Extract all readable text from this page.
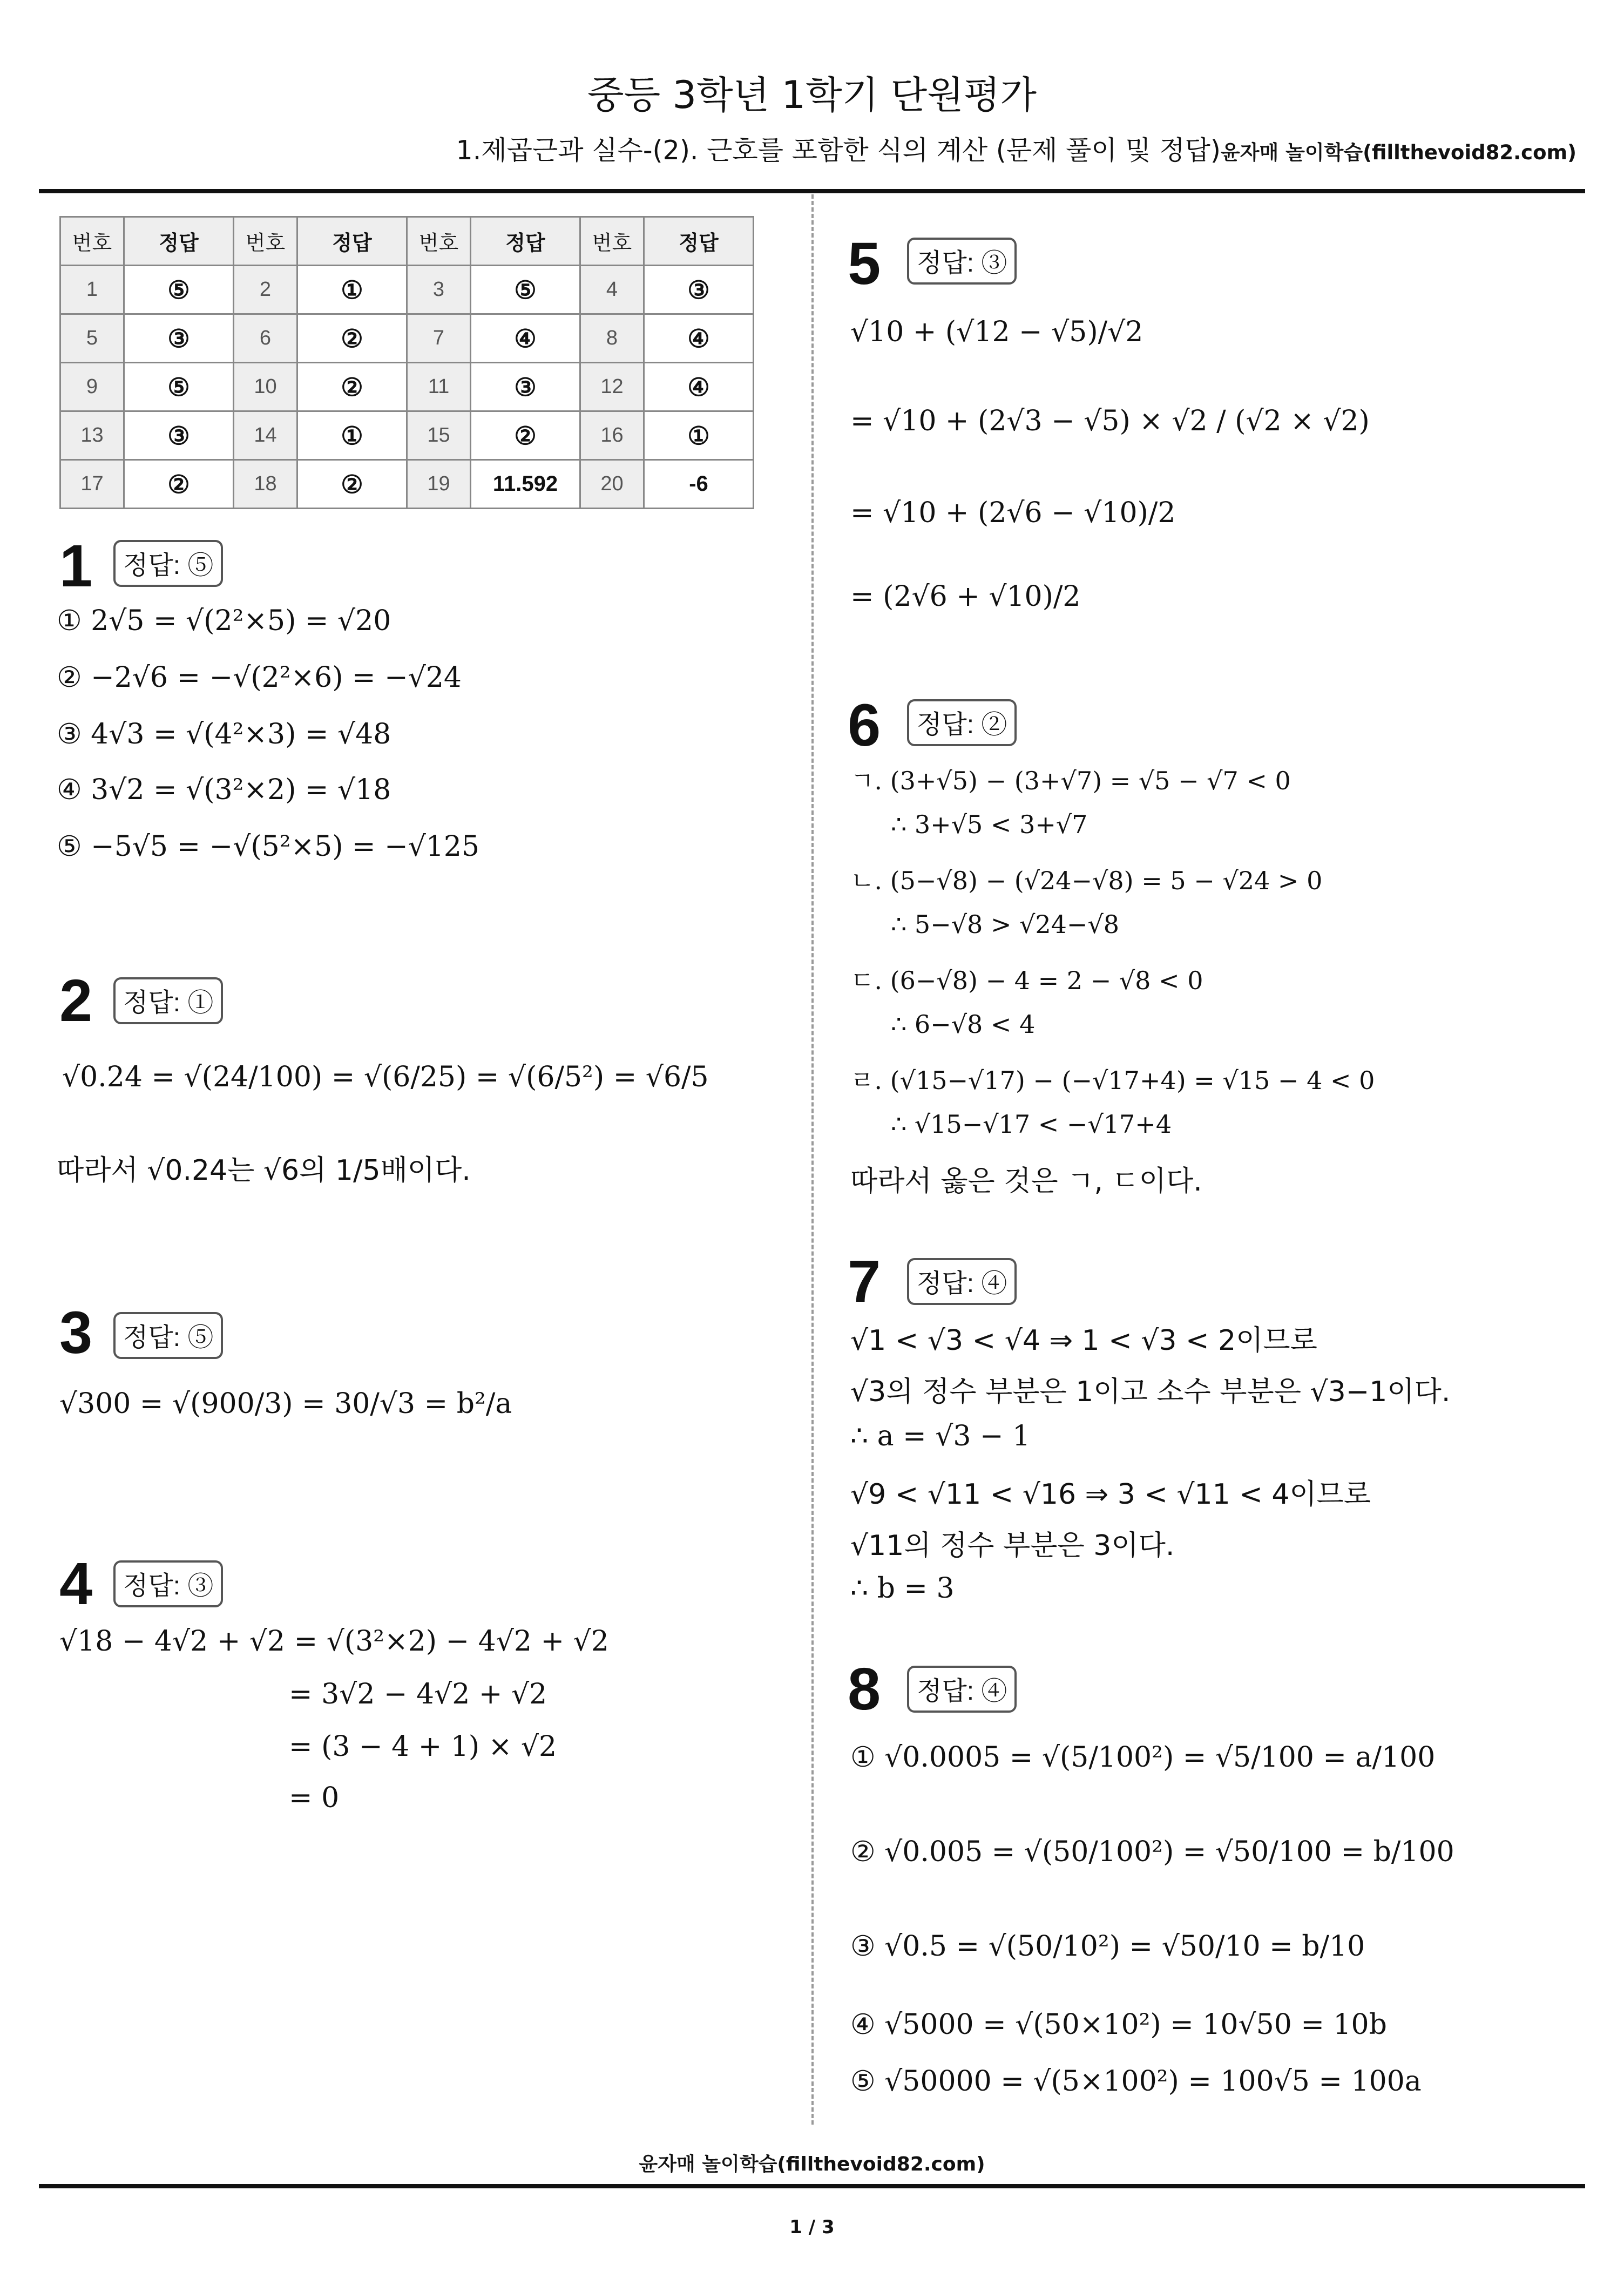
중등 3학년 1학기 단원평가
1.제곱근과 실수-(2). 근호를 포함한 식의 계산 (문제 풀이 및 정답)윤자매 놀이학습(fillthevoid82.com)
번호	정답	번호	정답	번호	정답	번호	정답
1	⑤	2	①	3	⑤	4	③
5	③	6	②	7	④	8	④
9	⑤	10	②	11	③	12	④
13	③	14	①	15	②	16	①
17	②	18	②	19	11.592	20	-6
1	정답: ⑤
① 2√5 = √(2²×5) = √20
② −2√6 = −√(2²×6) = −√24
③ 4√3 = √(4²×3) = √48
④ 3√2 = √(3²×2) = √18
⑤ −5√5 = −√(5²×5) = −√125
2	정답: ①
√0.24 = √(24/100) = √(6/25) = √(6/5²) = √6/5
따라서 √0.24는 √6의 1/5배이다.
3	정답: ⑤
√300 = √(900/3) = 30/√3 = b²/a
4	정답: ③
√18 − 4√2 + √2 = √(3²×2) − 4√2 + √2
= 3√2 − 4√2 + √2
= (3 − 4 + 1) × √2
= 0
5	정답: ③
√10 + (√12 − √5)/√2
= √10 + (2√3 − √5) × √2 / (√2 × √2)
= √10 + (2√6 − √10)/2
= (2√6 + √10)/2
6	정답: ②
ㄱ. (3+√5) − (3+√7) = √5 − √7 < 0
∴ 3+√5 < 3+√7
ㄴ. (5−√8) − (√24−√8) = 5 − √24 > 0
∴ 5−√8 > √24−√8
ㄷ. (6−√8) − 4 = 2 − √8 < 0
∴ 6−√8 < 4
ㄹ. (√15−√17) − (−√17+4) = √15 − 4 < 0
∴ √15−√17 < −√17+4
따라서 옳은 것은 ㄱ, ㄷ이다.
7	정답: ④
√1 < √3 < √4 ⇒ 1 < √3 < 2이므로
√3의 정수 부분은 1이고 소수 부분은 √3−1이다.
∴ a = √3 − 1
√9 < √11 < √16 ⇒ 3 < √11 < 4이므로
√11의 정수 부분은 3이다.
∴ b = 3
8	정답: ④
① √0.0005 = √(5/100²) = √5/100 = a/100
② √0.005 = √(50/100²) = √50/100 = b/100
③ √0.5 = √(50/10²) = √50/10 = b/10
④ √5000 = √(50×10²) = 10√50 = 10b
⑤ √50000 = √(5×100²) = 100√5 = 100a
윤자매 놀이학습(fillthevoid82.com)
1 / 3
